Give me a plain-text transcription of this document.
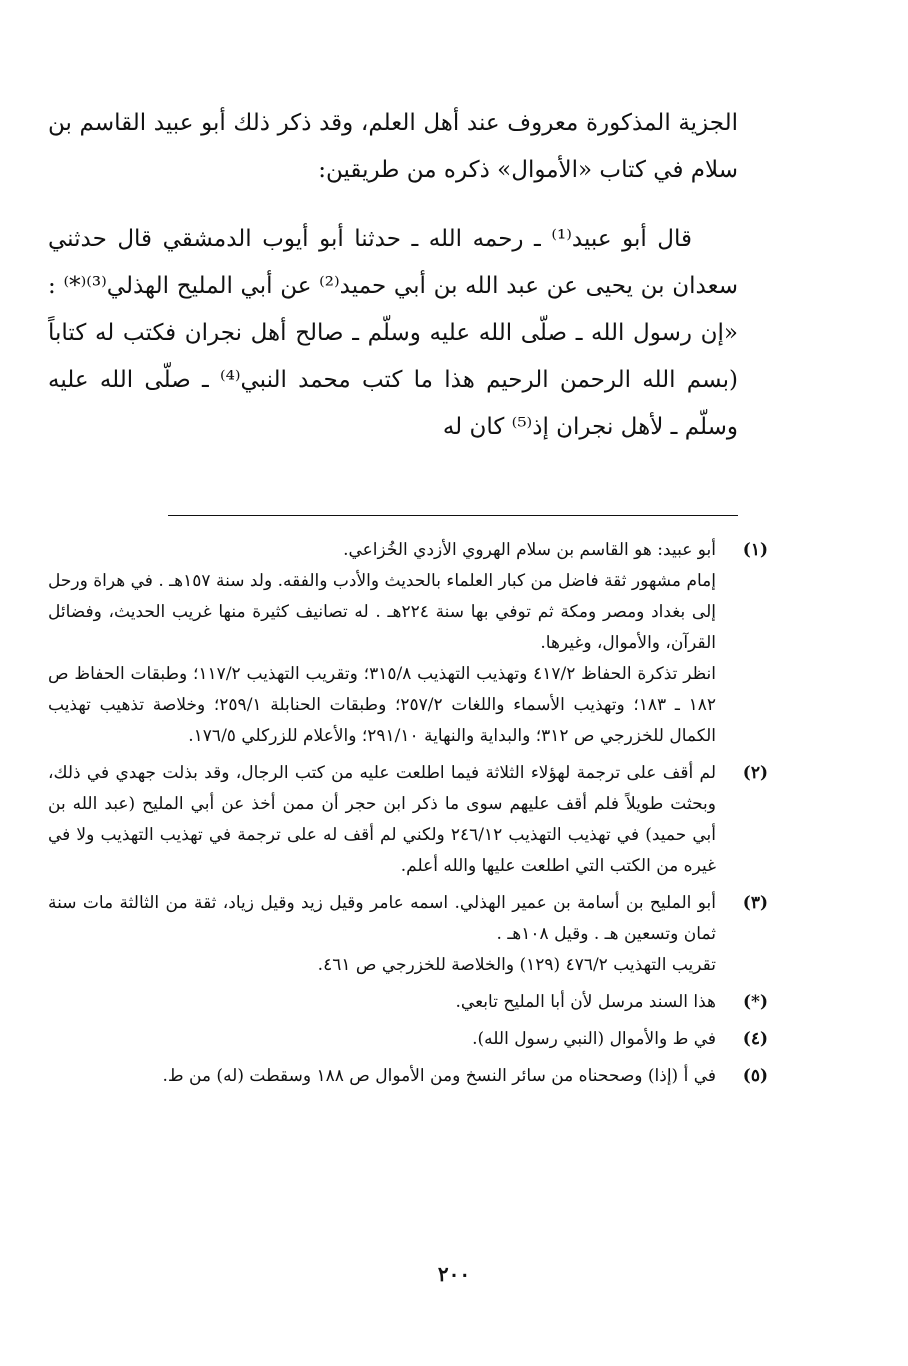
الجزية المذكورة معروف عند أهل العلم، وقد ذكر ذلك أبو عبيد القاسم بن سلام في كتاب «الأموال» ذكره من طريقين:

قال أبو عبيد⁽¹⁾ ـ رحمه الله ـ حدثنا أبو أيوب الدمشقي قال حدثني سعدان بن يحيى عن عبد الله بن أبي حميد⁽²⁾ عن أبي المليح الهذلي⁽³⁾⁽*⁾ : «إن رسول الله ـ صلّى الله عليه وسلّم ـ صالح أهل نجران فكتب له كتاباً (بسم الله الرحمن الرحيم هذا ما كتب محمد النبي⁽⁴⁾ ـ صلّى الله عليه وسلّم ـ لأهل نجران إذ⁽⁵⁾ كان له

(١)

أبو عبيد: هو القاسم بن سلام الهروي الأزدي الخُزاعي.

إمام مشهور ثقة فاضل من كبار العلماء بالحديث والأدب والفقه. ولد سنة ١٥٧هـ . في هراة ورحل إلى بغداد ومصر ومكة ثم توفي بها سنة ٢٢٤هـ . له تصانيف كثيرة منها غريب الحديث، وفضائل القرآن، والأموال، وغيرها.

انظر تذكرة الحفاظ ٤١٧/٢ وتهذيب التهذيب ٣١٥/٨؛ وتقريب التهذيب ١١٧/٢؛ وطبقات الحفاظ ص ١٨٢ ـ ١٨٣؛ وتهذيب الأسماء واللغات ٢٥٧/٢؛ وطبقات الحنابلة ٢٥٩/١؛ وخلاصة تذهيب تهذيب الكمال للخزرجي ص ٣١٢؛ والبداية والنهاية ٢٩١/١٠؛ والأعلام للزركلي ١٧٦/٥.

(٢)

لم أقف على ترجمة لهؤلاء الثلاثة فيما اطلعت عليه من كتب الرجال، وقد بذلت جهدي في ذلك، وبحثت طويلاً فلم أقف عليهم سوى ما ذكر ابن حجر أن ممن أخذ عن أبي المليح (عبد الله بن أبي حميد) في تهذيب التهذيب ٢٤٦/١٢ ولكني لم أقف له على ترجمة في تهذيب التهذيب ولا في غيره من الكتب التي اطلعت عليها والله أعلم.

(٣)

أبو المليح بن أسامة بن عمير الهذلي. اسمه عامر وقيل زيد وقيل زياد، ثقة من الثالثة مات سنة ثمان وتسعين هـ . وقيل ١٠٨هـ .

تقريب التهذيب ٤٧٦/٢ (١٢٩) والخلاصة للخزرجي ص ٤٦١.

(*)

هذا السند مرسل لأن أبا المليح تابعي.

(٤)

في ط والأموال (النبي رسول الله).

(٥)

في أ (إذا) وصححناه من سائر النسخ ومن الأموال ص ١٨٨ وسقطت (له) من ط.

٢٠٠
